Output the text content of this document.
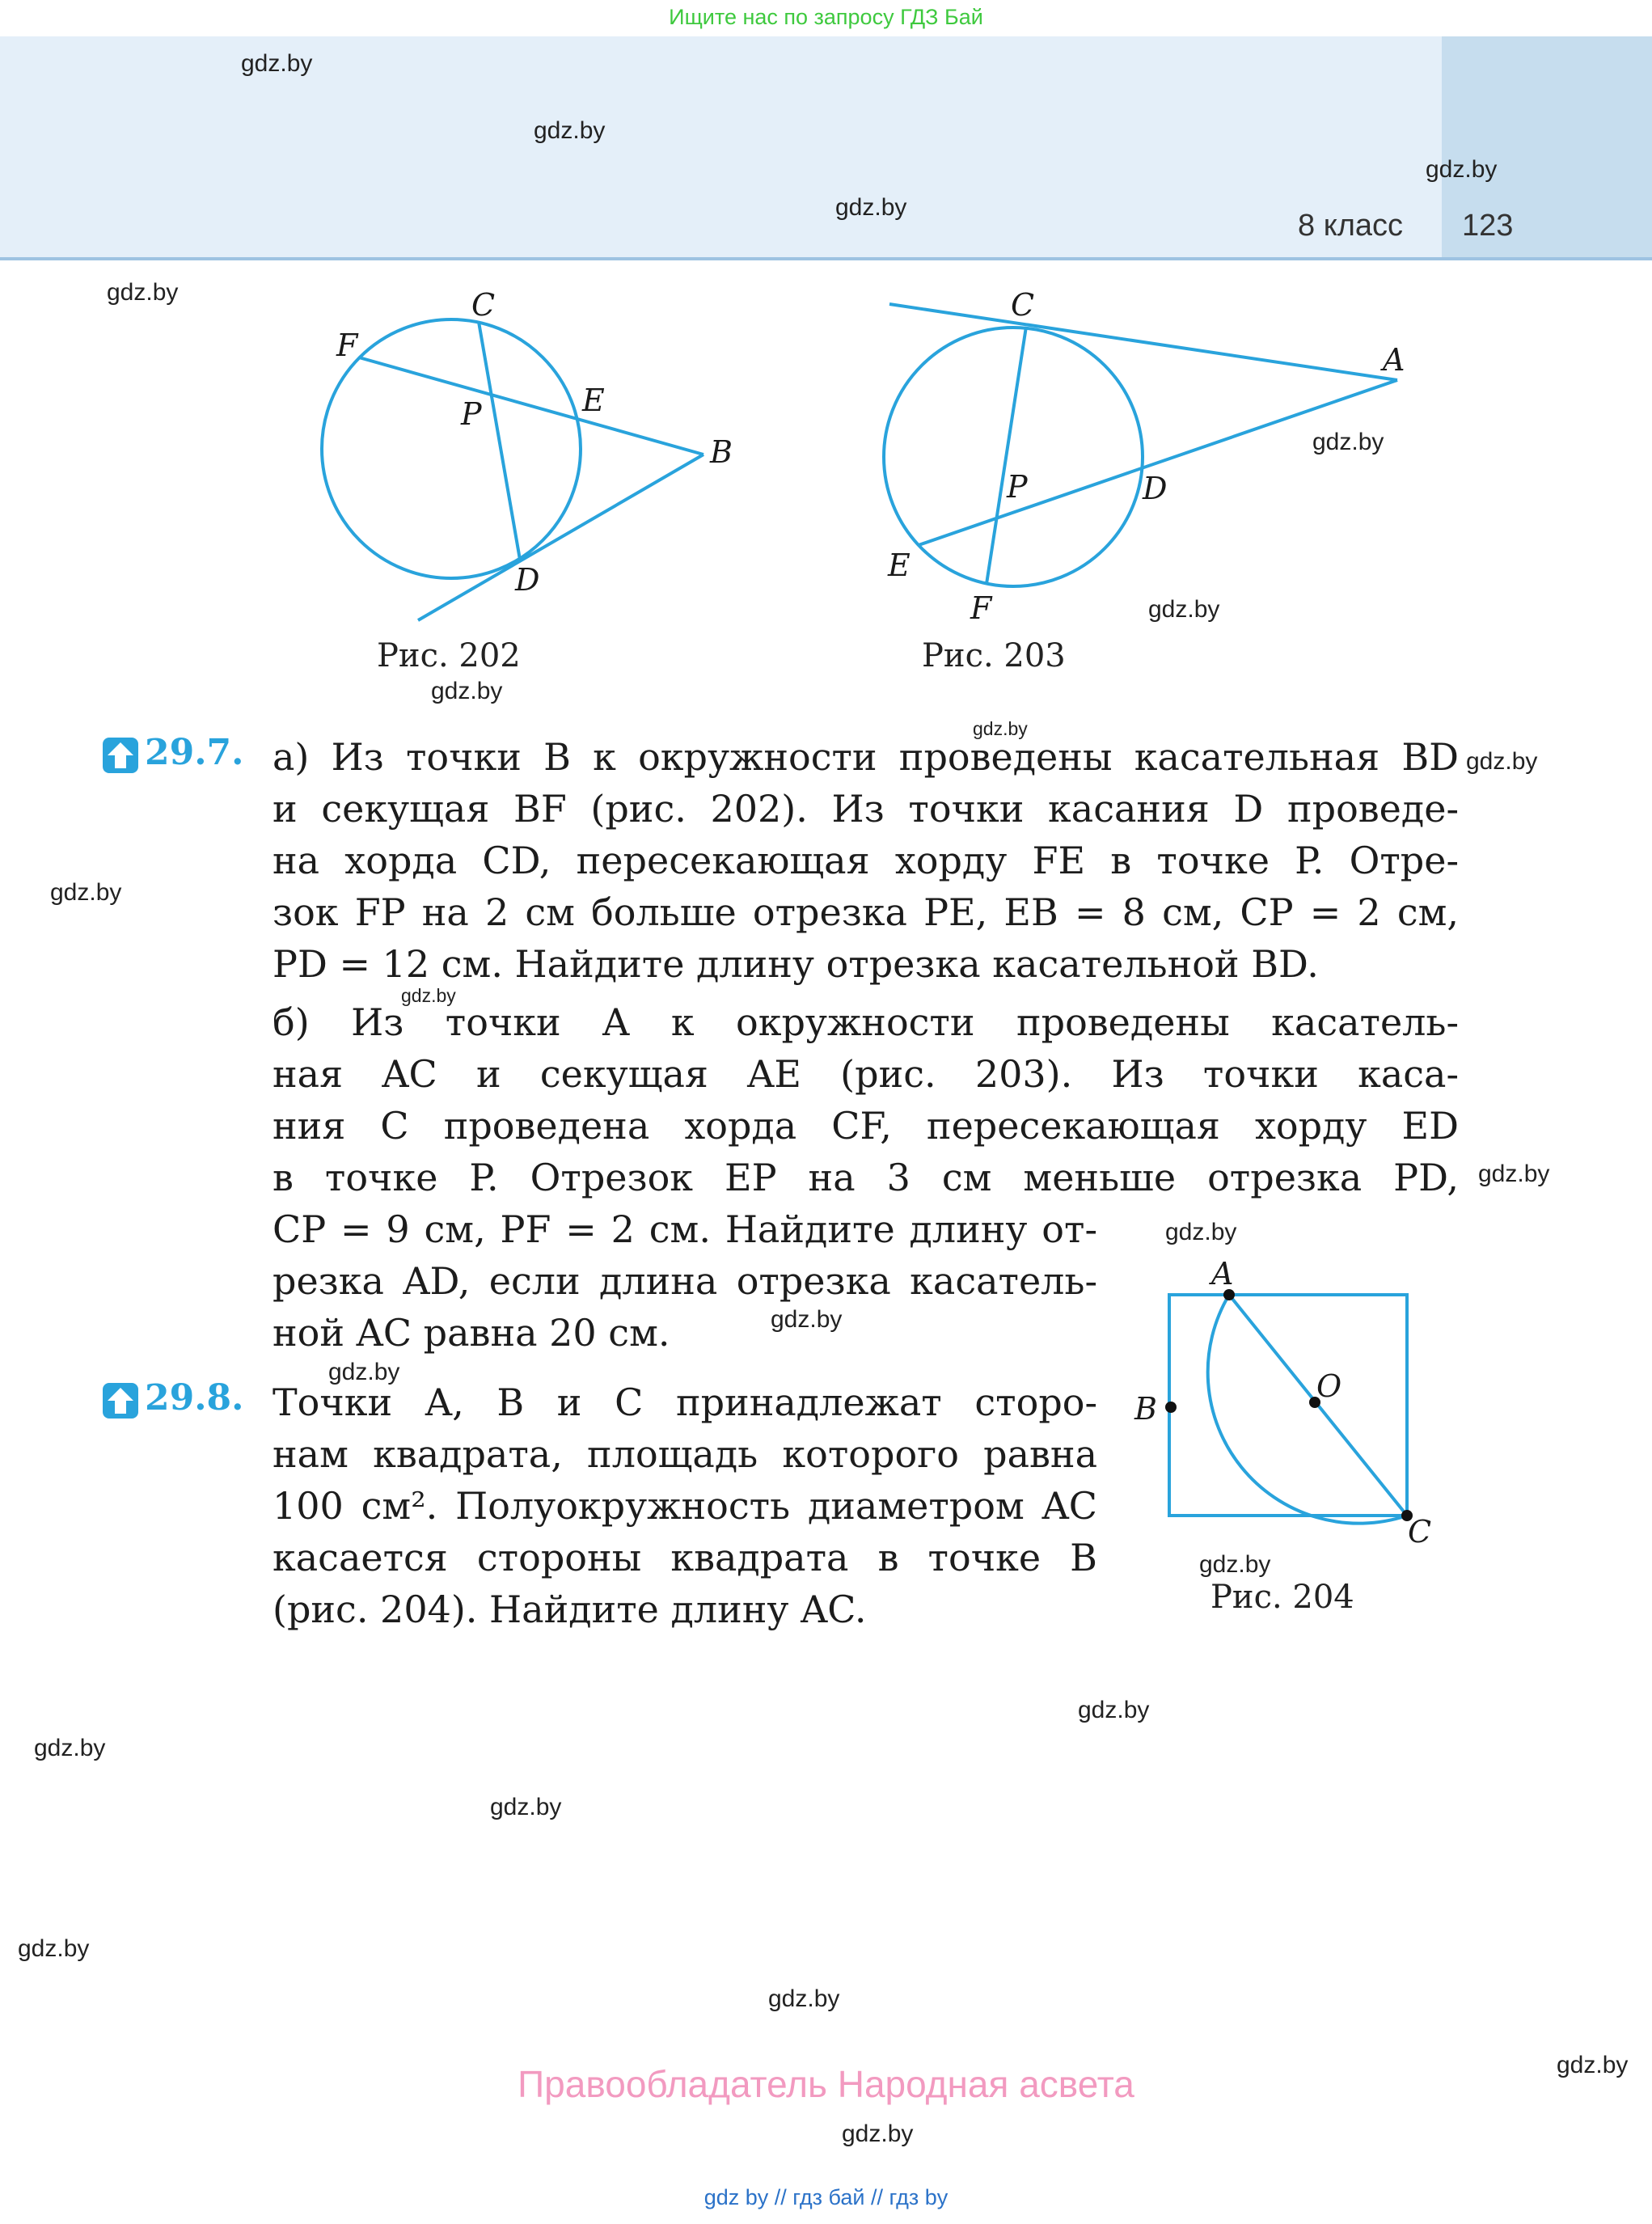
Ищите нас по запросу ГДЗ Бай
8 класс 123
gdz.by
gdz.by
gdz.by
gdz.by
gdz.by
gdz.by
gdz.by
gdz.by
gdz.by
gdz.by
gdz.by
gdz.by
gdz.by
gdz.by
gdz.by
gdz.by
gdz.by
gdz.by
gdz.by
gdz.by
gdz.by
gdz.by
gdz.by
gdz.by
C
F
E
P
B
D
Рис. 202
C
A
P	D
E
F
Рис. 203
A
O
B
C
Рис. 204
29.7. а) Из точки B к окружности проведены касательная BD
и секущая BF (рис. 202). Из точки касания D проведе-
на хорда CD, пересекающая хорду FE в точке P. Отре-
зок FP на 2 см больше отрезка PE, EB = 8 см, CP = 2 см,
PD = 12 см. Найдите длину отрезка касательной BD.
б) Из точки A к окружности проведены касатель-
ная AC и секущая AE (рис. 203). Из точки каса-
ния C проведена хорда CF, пересекающая хорду ED
в точке P. Отрезок EP на 3 см меньше отрезка PD,
CP = 9 см, PF = 2 см. Найдите длину от-
резка AD, если длина отрезка касатель-
ной AC равна 20 см.
29.8. Точки A, B и C принадлежат сторо-
нам квадрата, площадь которого равна
100 см². Полуокружность диаметром AC
касается стороны квадрата в точке B
(рис. 204). Найдите длину AC.
Правообладатель Народная асвета
gdz by // гдз бай // гдз by
